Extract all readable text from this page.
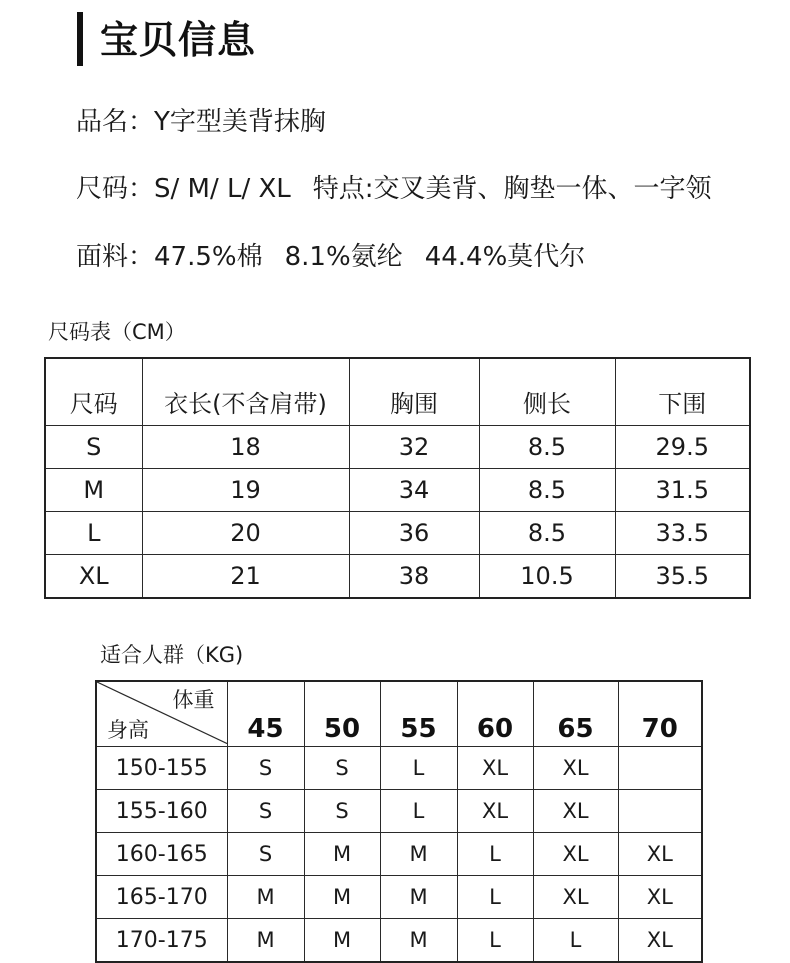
宝贝信息
品名：Y字型美背抹胸
尺码：S/ M/ L/ XL 特点:交叉美背、胸垫一体、一字领
面料：47.5%棉 8.1%氨纶 44.4%莫代尔
尺码表（CM）
尺码	衣长(不含肩带)	胸围	侧长	下围
S	18	32	8.5	29.5
M	19	34	8.5	31.5
L	20	36	8.5	33.5
XL	21	38	10.5	35.5
适合人群（KG)
体重
身高	45	50	55	60	65	70
150-155	S	S	L	XL	XL	
155-160	S	S	L	XL	XL	
160-165	S	M	M	L	XL	XL
165-170	M	M	M	L	XL	XL
170-175	M	M	M	L	L	XL
